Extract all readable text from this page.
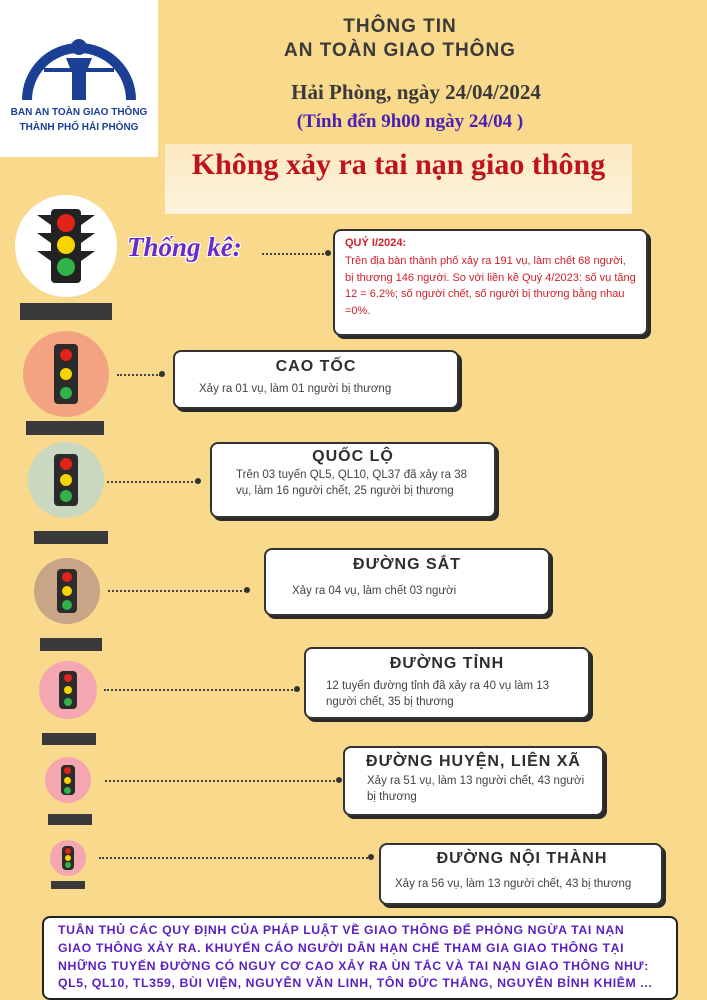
BAN AN TOÀN GIAO THÔNG
THÀNH PHỐ HẢI PHÒNG
THÔNG TIN
AN TOÀN GIAO THÔNG
Hải Phòng, ngày 24/04/2024
(Tính đến 9h00 ngày 24/04 )
Không xảy ra tai nạn giao thông
Thống kê:	QUÝ I/2024:
Trên địa bàn thành phố xảy ra 191 vụ, làm chết 68 người, bị thương 146 người. So với liền kề Quý 4/2023: số vụ tăng 12 = 6.2%; số người chết, số người bị thương bằng nhau =0%.
CAO TỐC

Xảy ra 01 vụ, làm 01 người bị thương

QUỐC LỘ

Trên 03 tuyến QL5, QL10, QL37 đã xảy ra 38 vụ, làm 16 người chết, 25 người bị thương

ĐƯỜNG SẮT

Xảy ra 04 vụ, làm chết 03 người

ĐƯỜNG TỈNH

12 tuyến đường tỉnh đã xảy ra 40 vụ làm 13 người chết, 35 bị thương

ĐƯỜNG HUYỆN, LIÊN XÃ

Xảy ra 51 vụ, làm 13 người chết, 43 người bị thương

ĐƯỜNG NỘI THÀNH

Xảy ra 56 vụ, làm 13 người chết, 43 bị thương

TUÂN THỦ CÁC QUY ĐỊNH CỦA PHÁP LUẬT VỀ GIAO THÔNG ĐỂ PHÒNG NGỪA TAI NẠN GIAO THÔNG XẢY RA. KHUYẾN CÁO NGƯỜI DÂN HẠN CHẾ THAM GIA GIAO THÔNG TẠI NHỮNG TUYẾN ĐƯỜNG CÓ NGUY CƠ CAO XẢY RA ÙN TẮC VÀ TAI NẠN GIAO THÔNG NHƯ: QL5, QL10, TL359, BÙI VIỆN, NGUYỄN VĂN LINH, TÔN ĐỨC THẮNG, NGUYỄN BỈNH KHIÊM ...
